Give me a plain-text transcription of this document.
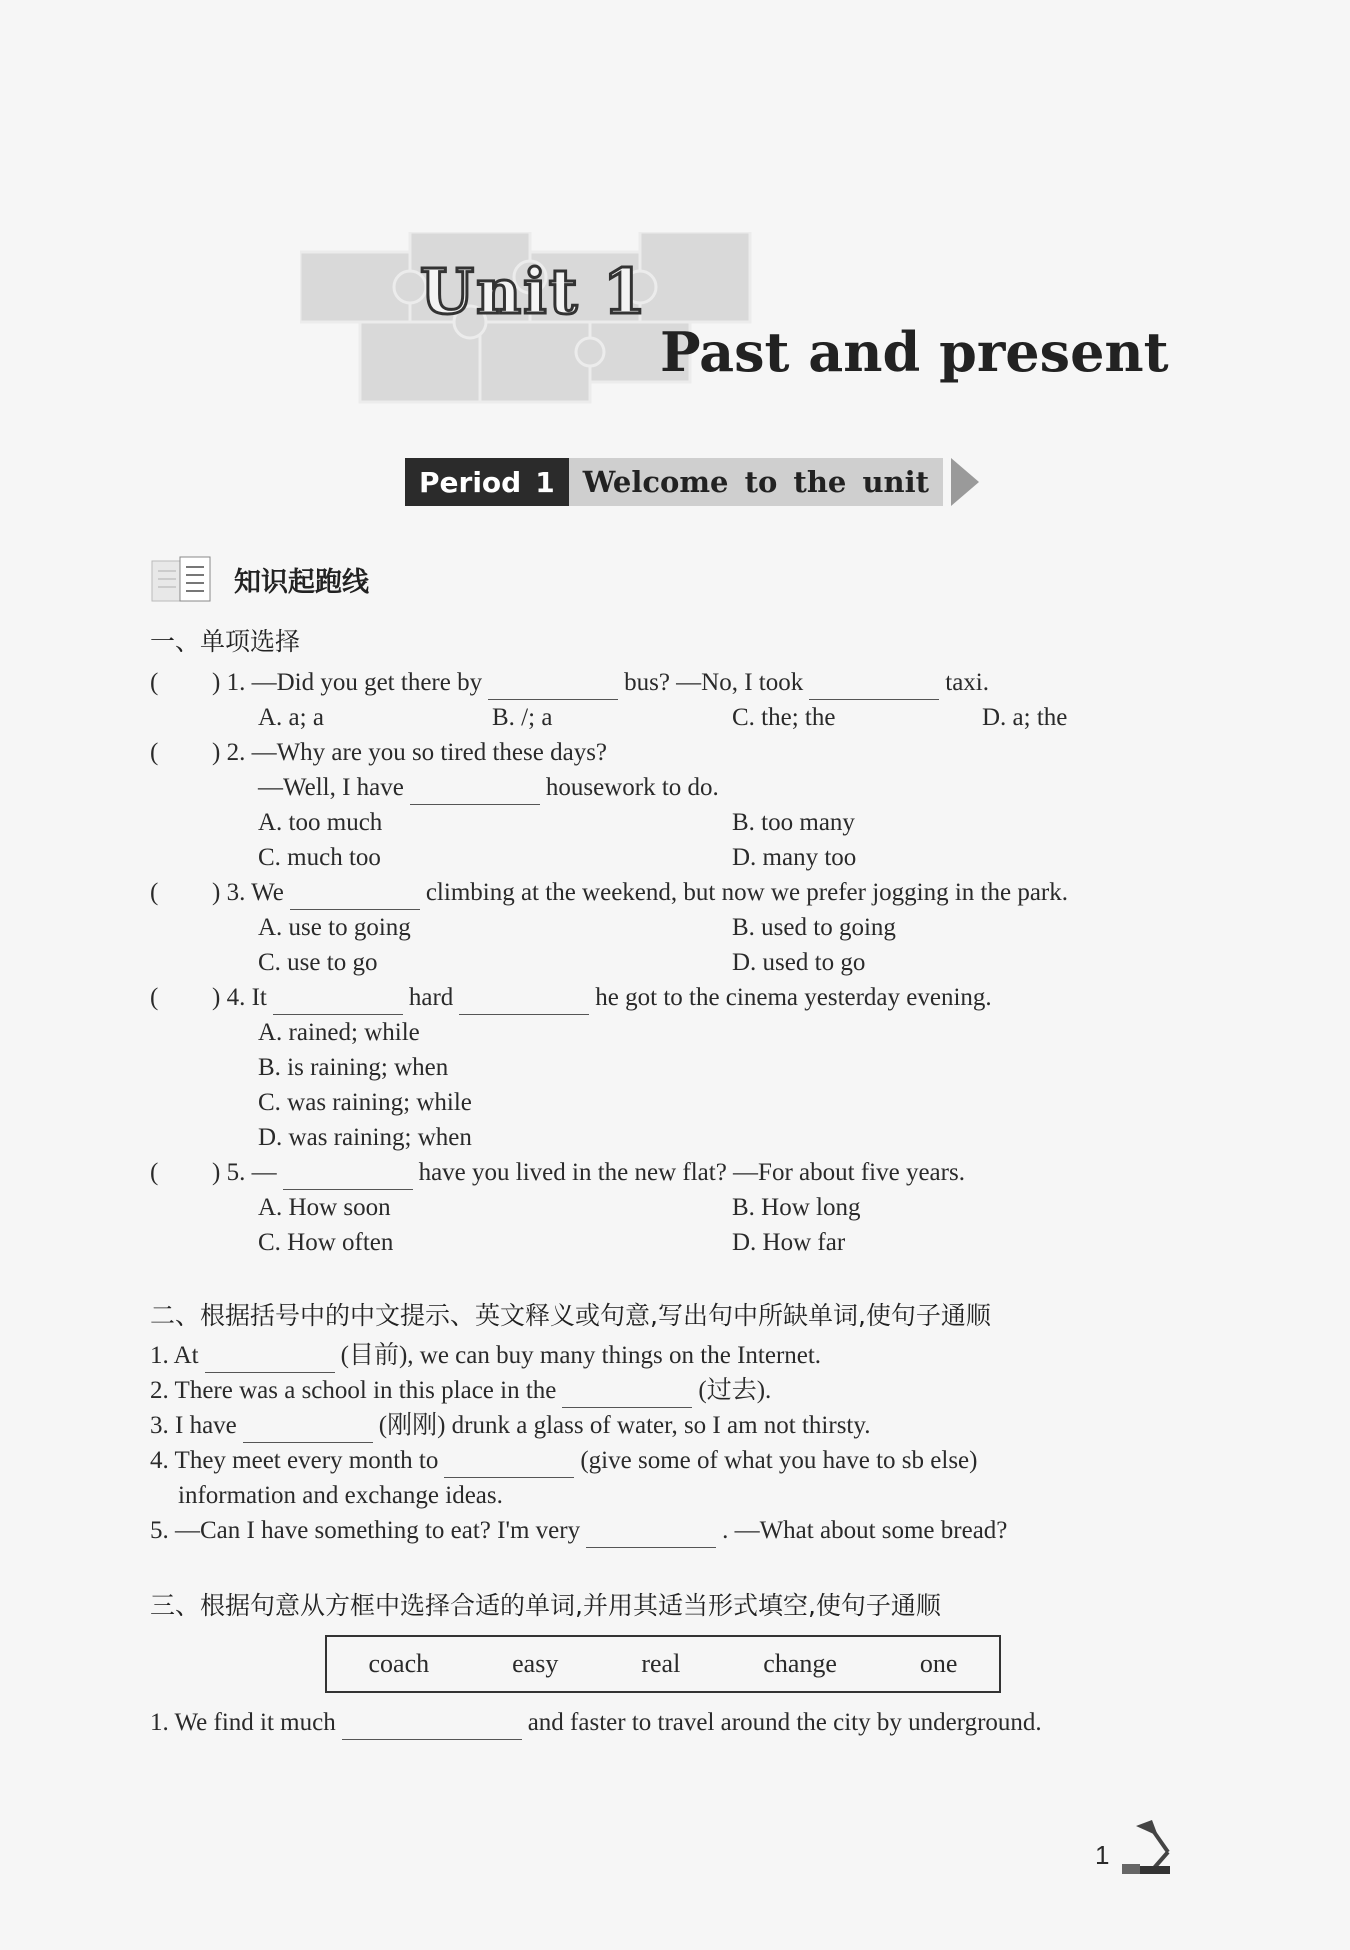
Unit 1
Past and present
Period 1 Welcome to the unit
知识起跑线
一、单项选择
( ) 1. —Did you get there by	bus? —No, I took	taxi.
A. a; a	B. /; a	C. the; the	D. a; the
( ) 2. —Why are you so tired these days?
—Well, I have	housework to do.
A. too much	B. too many
C. much too	D. many too
( ) 3. We	climbing at the weekend, but now we prefer jogging in the park.
A. use to going	B. used to going
C. use to go	D. used to go
( ) 4. It	hard	he got to the cinema yesterday evening.
A. rained; while
B. is raining; when
C. was raining; while
D. was raining; when
( ) 5. —	have you lived in the new flat? —For about five years.
A. How soon	B. How long
C. How often	D. How far
二、根据括号中的中文提示、英文释义或句意,写出句中所缺单词,使句子通顺
1. At	(目前), we can buy many things on the Internet.
2. There was a school in this place in the	(过去).
3. I have	(刚刚) drunk a glass of water, so I am not thirsty.
4. They meet every month to	(give some of what you have to sb else)
information and exchange ideas.
5. —Can I have something to eat? I'm very	. —What about some bread?
三、根据句意从方框中选择合适的单词,并用其适当形式填空,使句子通顺
coach	easy	real	change	one
1. We find it much	and faster to travel around the city by underground.
1
